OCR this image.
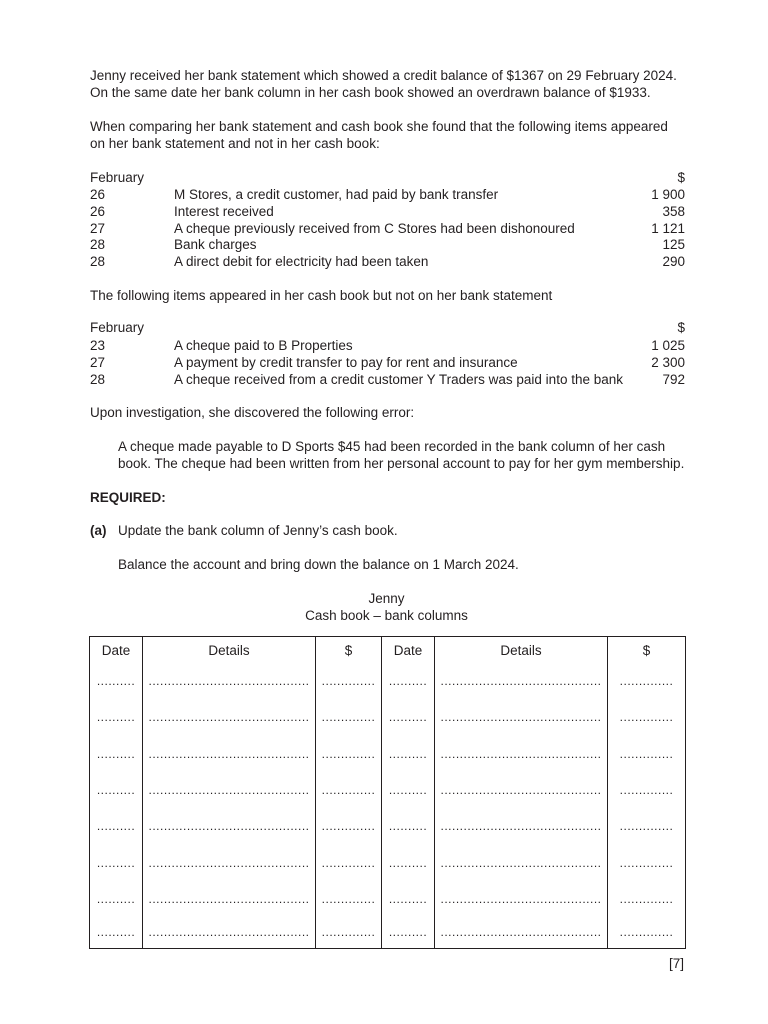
Jenny received her bank statement which showed a credit balance of $1367 on 29 February 2024.
On the same date her bank column in her cash book showed an overdrawn balance of $1933.

When comparing her bank statement and cash book she found that the following items appeared
on her bank statement and not in her cash book:

February	$
26	M Stores, a credit customer, had paid by bank transfer	1 900
26	Interest received	358
27	A cheque previously received from C Stores had been dishonoured	1 121
28	Bank charges	125
28	A direct debit for electricity had been taken	290

The following items appeared in her cash book but not on her bank statement

February	$
23	A cheque paid to B Properties	1 025
27	A payment by credit transfer to pay for rent and insurance	2 300
28	A cheque received from a credit customer Y Traders was paid into the bank	792

Upon investigation, she discovered the following error:

A cheque made payable to D Sports $45 had been recorded in the bank column of her cash
book. The cheque had been written from her personal account to pay for her gym membership.

REQUIRED:

(a) Update the bank column of Jenny’s cash book.

Balance the account and bring down the balance on 1 March 2024.

Jenny
Cash book – bank columns
Date	Details	$	Date	Details	$
..........	..........................................	..............	..........	..........................................	..............
..........	..........................................	..............	..........	..........................................	..............
..........	..........................................	..............	..........	..........................................	..............
..........	..........................................	..............	..........	..........................................	..............
..........	..........................................	..............	..........	..........................................	..............
..........	..........................................	..............	..........	..........................................	..............
..........	..........................................	..............	..........	..........................................	..............
..........	..........................................	..............	..........	..........................................	..............
[7]
